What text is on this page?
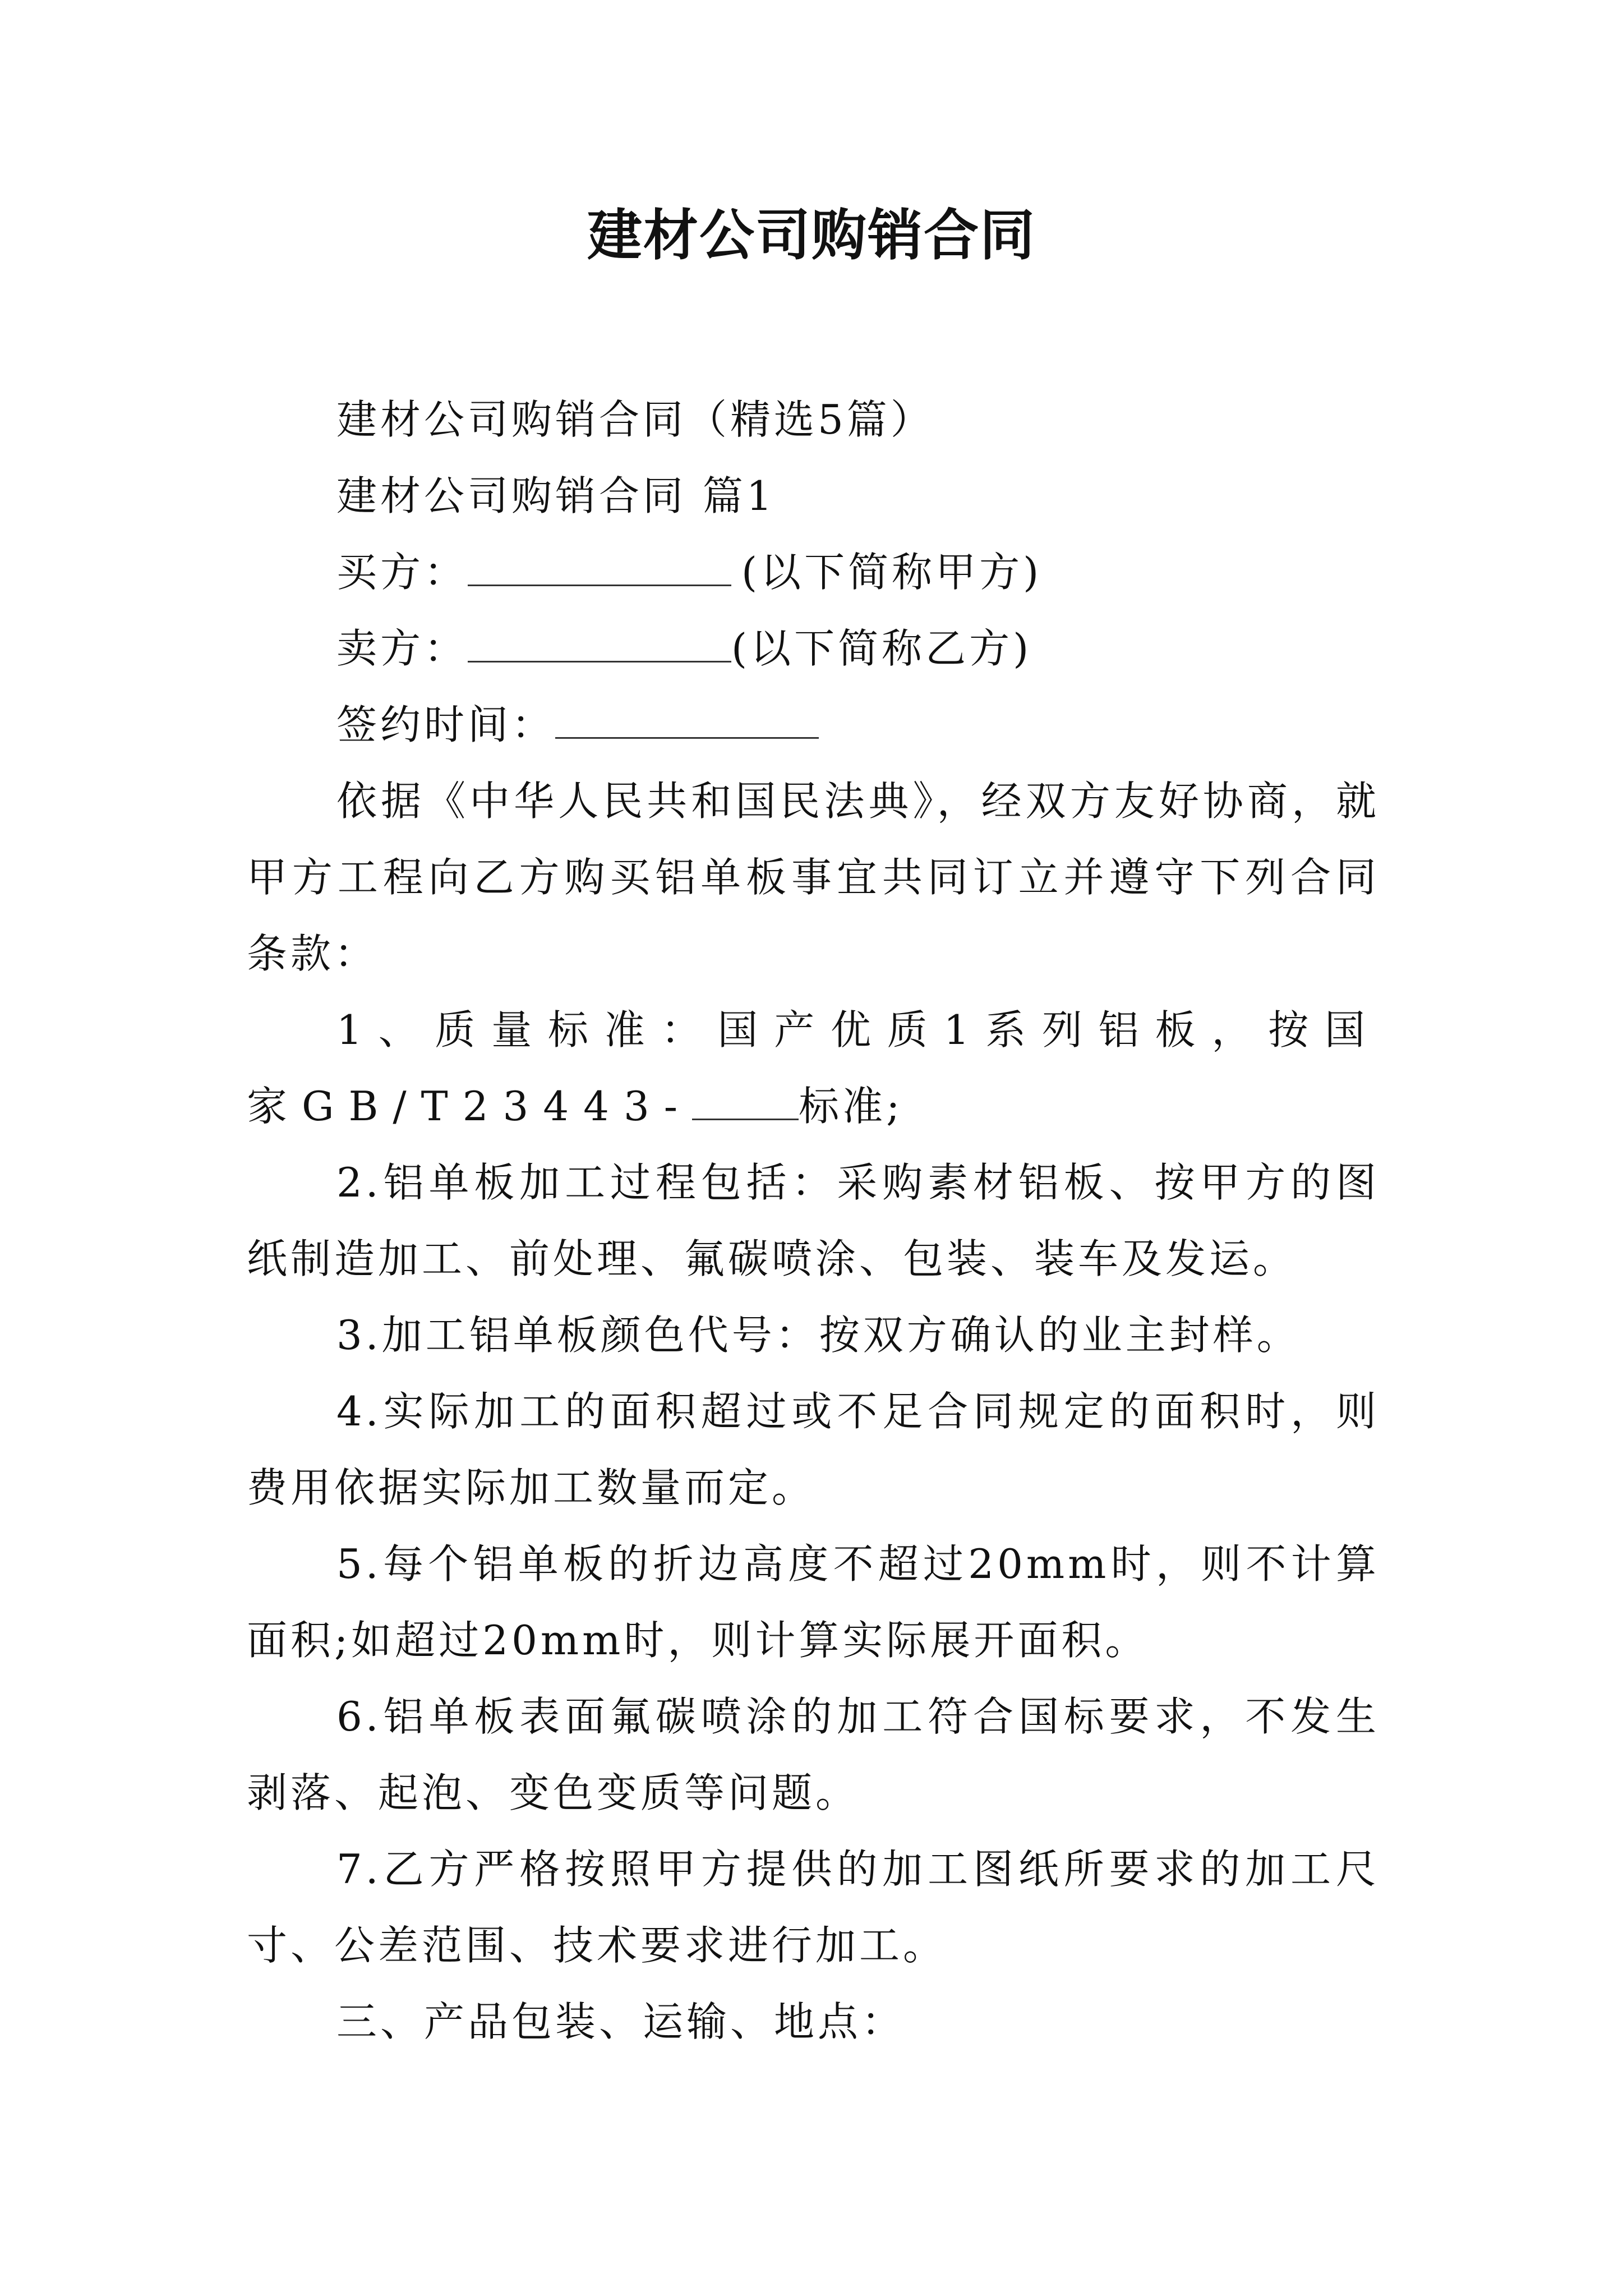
建材公司购销合同

建材公司购销合同（精选5篇）

建材公司购销合同 篇1

买方：	(以下简称甲方)

卖方：	(以下简称乙方)

签约时间：

依据《中华人民共和国民法典》，经双方友好协商，就甲方工程向乙方购买铝单板事宜共同订立并遵守下列合同条款：

1、质量标准：国产优质1系列铝板，按国家GB/T23443-	标准;

2.铝单板加工过程包括：采购素材铝板、按甲方的图纸制造加工、前处理、氟碳喷涂、包装、装车及发运。

3.加工铝单板颜色代号：按双方确认的业主封样。

4.实际加工的面积超过或不足合同规定的面积时，则费用依据实际加工数量而定。

5.每个铝单板的折边高度不超过20mm时，则不计算面积;如超过20mm时，则计算实际展开面积。

6.铝单板表面氟碳喷涂的加工符合国标要求，不发生剥落、起泡、变色变质等问题。

7.乙方严格按照甲方提供的加工图纸所要求的加工尺寸、公差范围、技术要求进行加工。

三、产品包装、运输、地点：
